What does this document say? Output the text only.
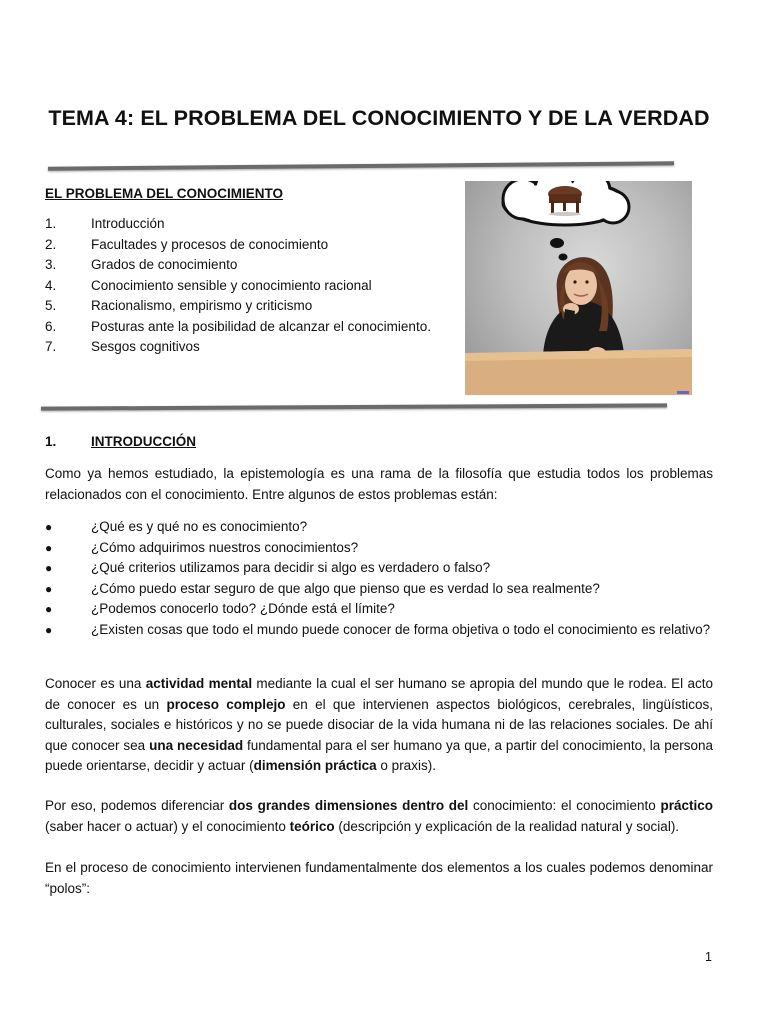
TEMA 4: EL PROBLEMA DEL CONOCIMIENTO Y DE LA VERDAD
EL PROBLEMA DEL CONOCIMIENTO
1.	Introducción
2.	Facultades y procesos de conocimiento
3.	Grados de conocimiento
4.	Conocimiento sensible y conocimiento racional
5.	Racionalismo, empirismo y criticismo
6.	Posturas ante la posibilidad de alcanzar el conocimiento.
7.	Sesgos cognitivos
1.	INTRODUCCIÓN
Como ya hemos estudiado, la epistemología es una rama de la filosofía que estudia todos los problemas relacionados con el conocimiento. Entre algunos de estos problemas están:
●	¿Qué es y qué no es conocimiento?
●	¿Cómo adquirimos nuestros conocimientos?
●	¿Qué criterios utilizamos para decidir si algo es verdadero o falso?
●	¿Cómo puedo estar seguro de que algo que pienso que es verdad lo sea realmente?
●	¿Podemos conocerlo todo? ¿Dónde está el límite?
●	¿Existen cosas que todo el mundo puede conocer de forma objetiva o todo el conocimiento es relativo?
Conocer es una actividad mental mediante la cual el ser humano se apropia del mundo que le rodea. El acto de conocer es un proceso complejo en el que intervienen aspectos biológicos, cerebrales, lingüísticos, culturales, sociales e históricos y no se puede disociar de la vida humana ni de las relaciones sociales. De ahí que conocer sea una necesidad fundamental para el ser humano ya que, a partir del conocimiento, la persona puede orientarse, decidir y actuar (dimensión práctica o praxis).
Por eso, podemos diferenciar dos grandes dimensiones dentro del conocimiento: el conocimiento práctico (saber hacer o actuar) y el conocimiento teórico (descripción y explicación de la realidad natural y social).
En el proceso de conocimiento intervienen fundamentalmente dos elementos a los cuales podemos denominar “polos”:
1
